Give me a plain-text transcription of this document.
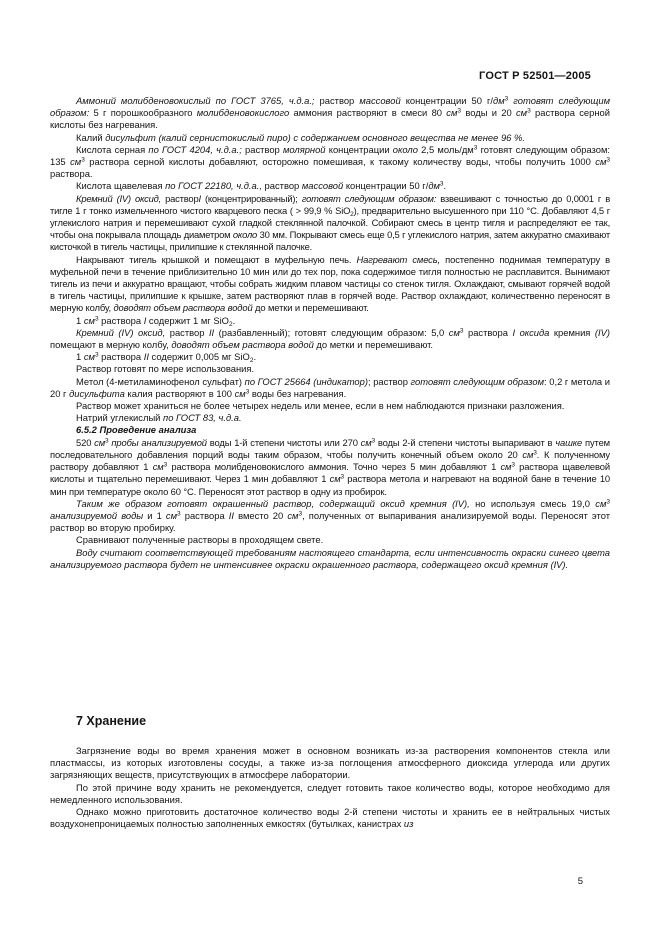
ГОСТ Р 52501—2005

Аммоний молибденовокислый по ГОСТ 3765, ч.д.а.; раствор массовой концентрации 50 $г/дм^3$ готовят следующим образом: 5 г порошкообразного молибденовокислого аммония растворяют в смеси 80 $см^3$ воды и 20 $см^3$ раствора серной кислоты без нагревания.

Калий дисульфит (калий сернистокислый пиро) с содержанием основного вещества не менее 96 %.

Кислота серная по ГОСТ 4204, ч.д.а.; раствор молярной концентрации около 2,5 моль/$дм^3$ готовят следующим образом: 135 $см^3$ раствора серной кислоты добавляют, осторожно помешивая, к такому количеству воды, чтобы получить 1000 $см^3$ раствора.

Кислота щавелевая по ГОСТ 22180, ч.д.а., раствор массовой концентрации 50 $г/дм^3$.

Кремний (IV) оксид, растворI (концентрированный); готовят следующим образом: взвешивают с точностью до 0,0001 г в тигле 1 г тонко измельченного чистого кварцевого песка ( > 99,9 % SiO$_2$), предварительно высушенного при 110 °С. Добавляют 4,5 г углекислого натрия и перемешивают сухой гладкой стеклянной палочкой. Собирают смесь в центр тигля и распределяют ее так, чтобы она покрывала площадь диаметром около 30 мм. Покрывают смесь еще 0,5 г углекислого натрия, затем аккуратно смахивают кисточкой в тигель частицы, прилипшие к стеклянной палочке.

Накрывают тигель крышкой и помещают в муфельную печь. Нагревают смесь, постепенно поднимая температуру в муфельной печи в течение приблизительно 10 мин или до тех пор, пока содержимое тигля полностью не расплавится. Вынимают тигель из печи и аккуратно вращают, чтобы собрать жидким плавом частицы со стенок тигля. Охлаждают, смывают горячей водой в тигель частицы, прилипшие к крышке, затем растворяют плав в горячей воде. Раствор охлаждают, количественно переносят в мерную колбу, доводят объем раствора водой до метки и перемешивают.

1 $см^3$ раствора I содержит 1 мг SiO$_2$.

Кремний (IV) оксид, раствор II (разбавленный); готовят следующим образом: 5,0 $см^3$ раствора I оксида кремния (IV) помещают в мерную колбу, доводят объем раствора водой до метки и перемешивают.

1 $см^3$ раствора II содержит 0,005 мг SiO$_2$.

Раствор готовят по мере использования.

Метол (4-метиламинофенол сульфат) по ГОСТ 25664 (индикатор); раствор готовят следующим образом: 0,2 г метола и 20 г дисульфита калия растворяют в 100 $см^3$ воды без нагревания.

Раствор может храниться не более четырех недель или менее, если в нем наблюдаются признаки разложения.

Натрий углекислый по ГОСТ 83, ч.д.а.

6.5.2 Проведение анализа

520 $см^3$ пробы анализируемой воды 1-й степени чистоты или 270 $см^3$ воды 2-й степени чистоты выпаривают в чашке путем последовательного добавления порций воды таким образом, чтобы получить конечный объем около 20 $см^3$. К полученному раствору добавляют 1 $см^3$ раствора молибденовокислого аммония. Точно через 5 мин добавляют 1 $см^3$ раствора щавелевой кислоты и тщательно перемешивают. Через 1 мин добавляют 1 $см^3$ раствора метола и нагревают на водяной бане в течение 10 мин при температуре около 60 °С. Переносят этот раствор в одну из пробирок.

Таким же образом готовят окрашенный раствор, содержащий оксид кремния (IV), но используя смесь 19,0 $см^3$ анализируемой воды и 1 $см^3$ раствора II вместо 20 $см^3$, полученных от выпаривания анализируемой воды. Переносят этот раствор во вторую пробирку.

Сравнивают полученные растворы в проходящем свете.

Воду считают соответствующей требованиям настоящего стандарта, если интенсивность окраски синего цвета анализируемого раствора будет не интенсивнее окраски окрашенного раствора, содержащего оксид кремния (IV).

7 Хранение

Загрязнение воды во время хранения может в основном возникать из-за растворения компонентов стекла или пластмассы, из которых изготовлены сосуды, а также из-за поглощения атмосферного диоксида углерода или других загрязняющих веществ, присутствующих в атмосфере лаборатории.

По этой причине воду хранить не рекомендуется, следует готовить такое количество воды, которое необходимо для немедленного использования.

Однако можно приготовить достаточное количество воды 2-й степени чистоты и хранить ее в нейтральных чистых воздухонепроницаемых полностью заполненных емкостях (бутылках, канистрах из

5
